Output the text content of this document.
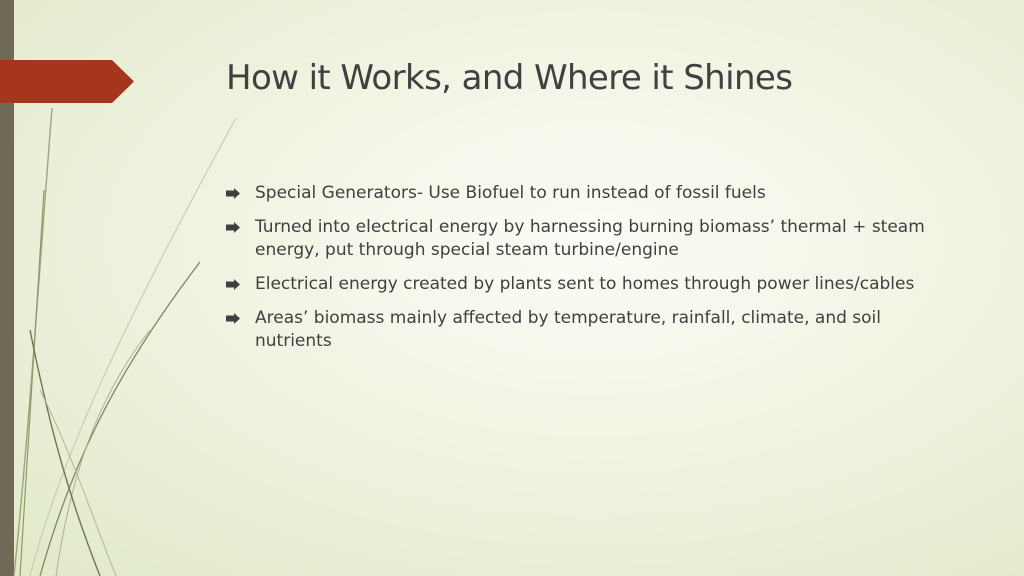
How it Works, and Where it Shines
Special Generators- Use Biofuel to run instead of fossil fuels
Turned into electrical energy by harnessing burning biomass’ thermal + steam energy, put through special steam turbine/engine
Electrical energy created by plants sent to homes through power lines/cables
Areas’ biomass mainly affected by temperature, rainfall, climate, and soil nutrients
